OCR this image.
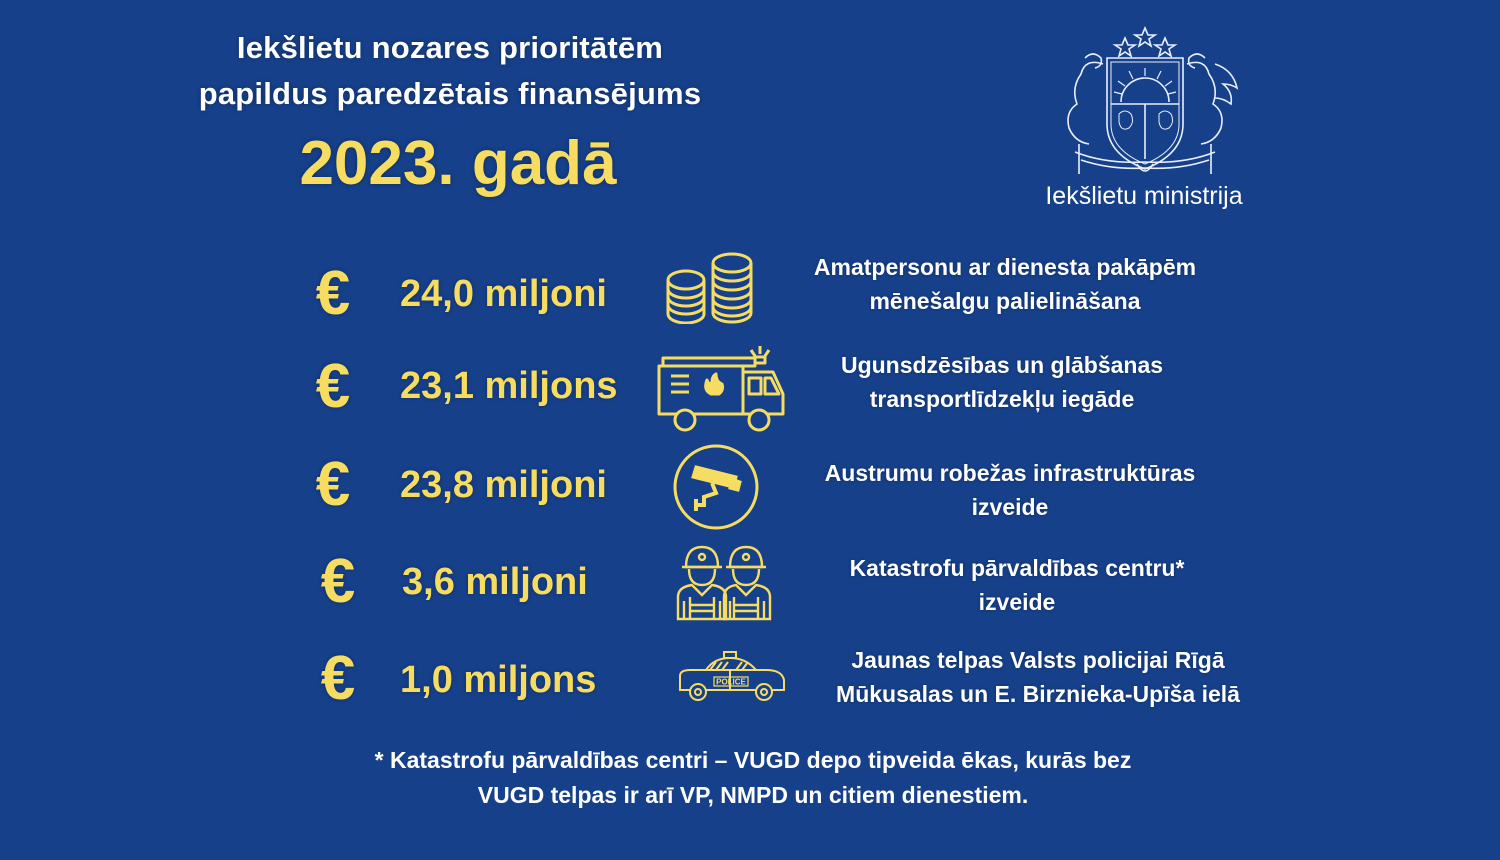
Iekšlietu nozares prioritātēm
papildus paredzētais finansējums
2023. gadā	Iekšlietu ministrija
€	24,0 miljoni
Amatpersonu ar dienesta pakāpēm
mēnešalgu palielināšana
€	23,1 miljons	Ugunsdzēsības un glābšanas
transportlīdzekļu iegāde
€	23,8 miljoni	Austrumu robežas infrastruktūras
izveide
€	3,6 miljoni	Katastrofu pārvaldības centru*
izveide
€	1,0 miljons	POLICE
Jaunas telpas Valsts policijai Rīgā
Mūkusalas un E. Birznieka-Upīša ielā
* Katastrofu pārvaldības centri – VUGD depo tipveida ēkas, kurās bez
VUGD telpas ir arī VP, NMPD un citiem dienestiem.
